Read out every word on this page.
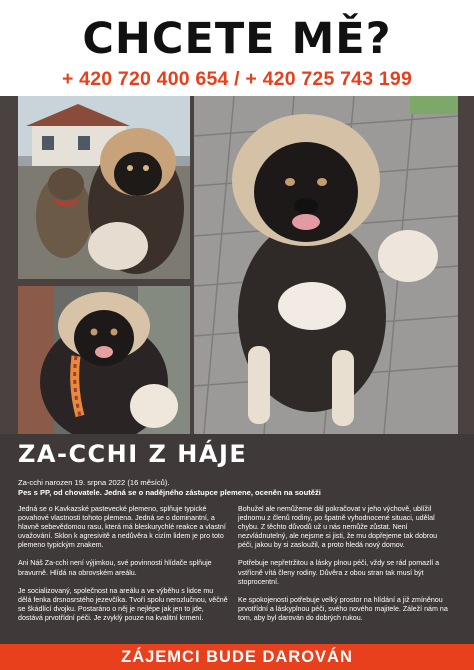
CHCETE MĚ?
+ 420 720 400 654 / + 420 725 743 199
ZA-CCHI Z HÁJE
Za-cchi narozen 19. srpna 2022 (16 měsíců).
Pes s PP, od chovatele. Jedná se o nadějného zástupce plemene, oceněn na soutěži

Jedná se o Kavkazské pastevecké plemeno, splňuje typické povahové vlastnosti tohoto plemena. Jedná se o dominantní, a hlavně sebevědomou rasu, která má bleskurychlé reakce a vlastní uvažování. Sklon k agresivitě a nedůvěra k cizím lidem je pro toto plemeno typickým znakem.

Ani Náš Za-cchi není výjimkou, své povinnosti hlídače splňuje bravurně. Hlídá na obrovském areálu.

Je socializovaný, společnost na areálu a ve výběhu s lidce mu dělá fenka drsnosrstého jezevčíka. Tvoří spolu nerozlučnou, věčně se škádlící dvojku. Postaráno o něj je nejlépe jak jen to jde, dostává prvotřídní péči. Je zvyklý pouze na kvalitní krmení.

Bohužel ale nemůžeme dál pokračovat v jeho výchově, ublížil jednomu z členů rodiny, po špatně vyhodnocené situaci, udělal chybu. Z těchto důvodů už u nás nemůže zůstat. Není nezvládnutelný, ale nejsme si jisti, že mu dopřejeme tak dobrou péči, jakou by si zasloužil, a proto hledá nový domov.

Potřebuje nepřetržitou a lásky plnou péči, vždy se rád pomazlí a vstřícně vítá členy rodiny. Důvěra z obou stran tak musí být stoprocentní.

Ke spokojenosti potřebuje velký prostor na hlídání a již zmíněnou prvotřídní a láskyplnou péči, svého nového majitele. Záleží nám na tom, aby byl darován do dobrých rukou.

ZÁJEMCI BUDE DAROVÁN
